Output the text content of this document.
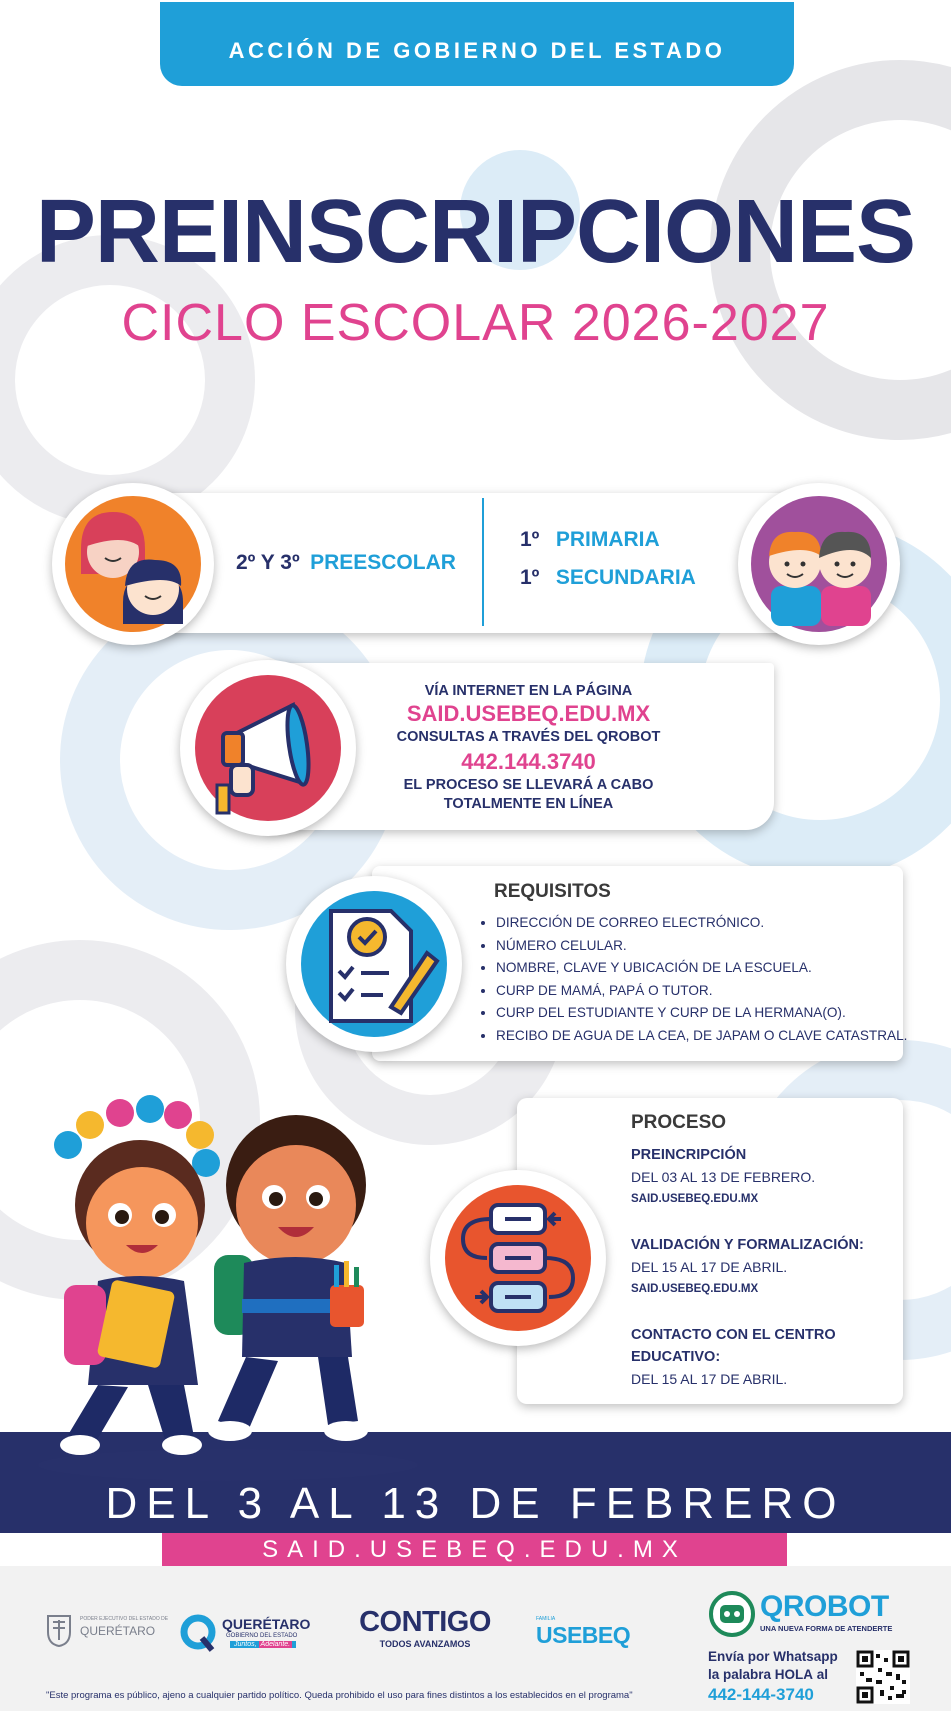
ACCIÓN DE GOBIERNO DEL ESTADO
PREINSCRIPCIONES
CICLO ESCOLAR 2026-2027
2º Y 3º PREESCOLAR
1º PRIMARIA
1º SECUNDARIA
VÍA INTERNET EN LA PÁGINA
SAID.USEBEQ.EDU.MX
CONSULTAS A TRAVÉS DEL QROBOT
442.144.3740
EL PROCESO SE LLEVARÁ A CABO
TOTALMENTE EN LÍNEA
REQUISITOS
• DIRECCIÓN DE CORREO ELECTRÓNICO.
• NÚMERO CELULAR.
• NOMBRE, CLAVE Y UBICACIÓN DE LA ESCUELA.
• CURP DE MAMÁ, PAPÁ O TUTOR.
• CURP DEL ESTUDIANTE Y CURP DE LA HERMANA(O).
• RECIBO DE AGUA DE LA CEA, DE JAPAM O CLAVE CATASTRAL.
PROCESO
PREINCRIPCIÓN
DEL 03 AL 13 DE FEBRERO.
SAID.USEBEQ.EDU.MX
VALIDACIÓN Y FORMALIZACIÓN:
DEL 15 AL 17 DE ABRIL.
SAID.USEBEQ.EDU.MX
CONTACTO CON EL CENTRO
EDUCATIVO:
DEL 15 AL 17 DE ABRIL.
DEL 3 AL 13 DE FEBRERO
SAID.USEBEQ.EDU.MX
PODER EJECUTIVO DEL ESTADO DE
QUERÉTARO	QUERÉTARO
GOBIERNO DEL ESTADO
Juntos, Adelante.
CONTIGO
TODOS AVANZAMOS
FAMILIA
USEBEQ
QROBOT
UNA NUEVA FORMA DE ATENDERTE
Envía por Whatsapp
la palabra HOLA al
442-144-3740
"Este programa es público, ajeno a cualquier partido político. Queda prohibido el uso para fines distintos a los establecidos en el programa"
